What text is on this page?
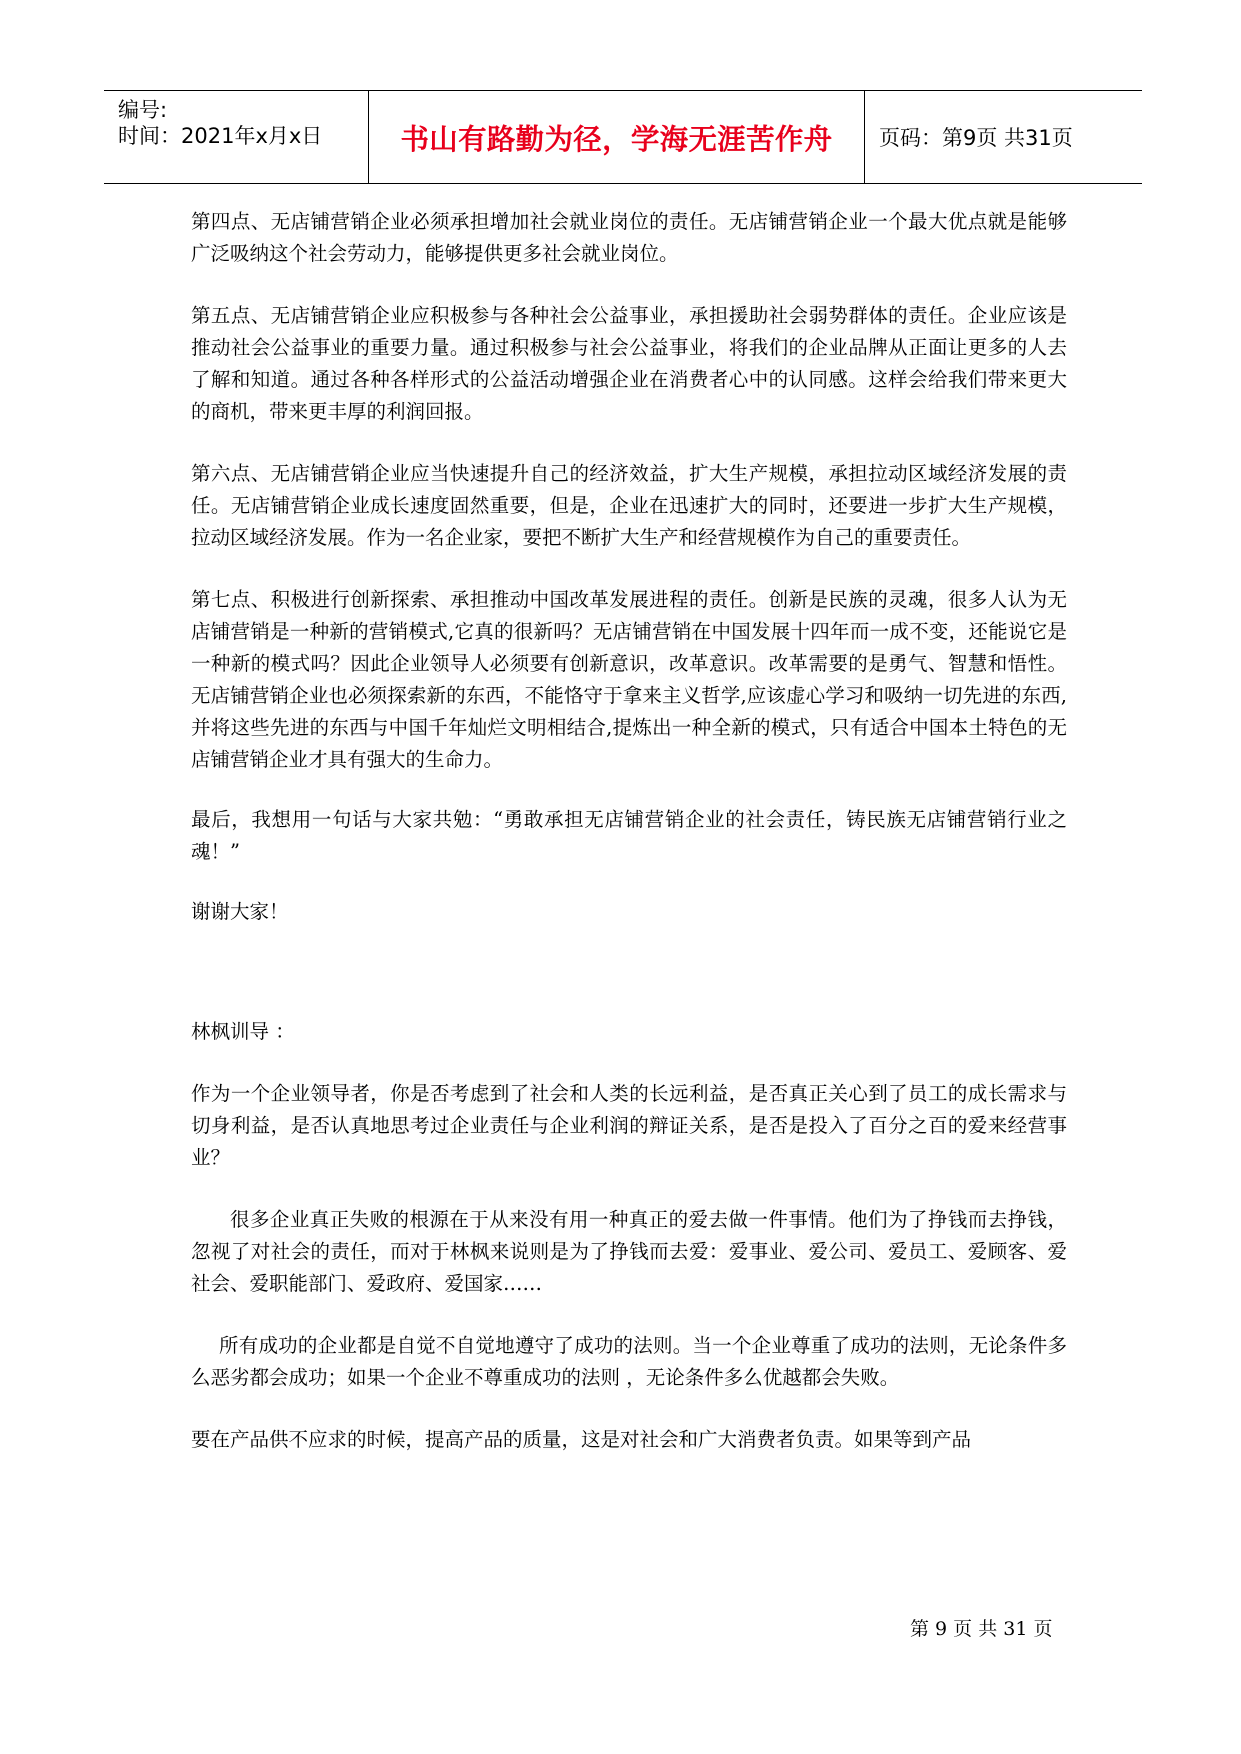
编号:
时间：2021年x月x日	书山有路勤为径，学海无涯苦作舟 页码：第9页 共31页

第四点、无店铺营销企业必须承担增加社会就业岗位的责任。无店铺营销企业一个最大优点就是能够广泛吸纳这个社会劳动力，能够提供更多社会就业岗位。

第五点、无店铺营销企业应积极参与各种社会公益事业，承担援助社会弱势群体的责任。企业应该是推动社会公益事业的重要力量。通过积极参与社会公益事业，将我们的企业品牌从正面让更多的人去了解和知道。通过各种各样形式的公益活动增强企业在消费者心中的认同感。这样会给我们带来更大的商机，带来更丰厚的利润回报。

第六点、无店铺营销企业应当快速提升自己的经济效益，扩大生产规模，承担拉动区域经济发展的责任。无店铺营销企业成长速度固然重要，但是，企业在迅速扩大的同时，还要进一步扩大生产规模，拉动区域经济发展。作为一名企业家，要把不断扩大生产和经营规模作为自己的重要责任。

第七点、积极进行创新探索、承担推动中国改革发展进程的责任。创新是民族的灵魂，很多人认为无店铺营销是一种新的营销模式,它真的很新吗？无店铺营销在中国发展十四年而一成不变，还能说它是一种新的模式吗？因此企业领导人必须要有创新意识，改革意识。改革需要的是勇气、智慧和悟性。无店铺营销企业也必须探索新的东西，不能恪守于拿来主义哲学,应该虚心学习和吸纳一切先进的东西,并将这些先进的东西与中国千年灿烂文明相结合,提炼出一种全新的模式，只有适合中国本土特色的无店铺营销企业才具有强大的生命力。

最后，我想用一句话与大家共勉：“勇敢承担无店铺营销企业的社会责任，铸民族无店铺营销行业之魂！”

谢谢大家！

林枫训导 ：

作为一个企业领导者，你是否考虑到了社会和人类的长远利益，是否真正关心到了员工的成长需求与切身利益，是否认真地思考过企业责任与企业利润的辩证关系，是否是投入了百分之百的爱来经营事业？

很多企业真正失败的根源在于从来没有用一种真正的爱去做一件事情。他们为了挣钱而去挣钱，忽视了对社会的责任，而对于林枫来说则是为了挣钱而去爱：爱事业、爱公司、爱员工、爱顾客、爱社会、爱职能部门、爱政府、爱国家……

所有成功的企业都是自觉不自觉地遵守了成功的法则。当一个企业尊重了成功的法则，无论条件多么恶劣都会成功；如果一个企业不尊重成功的法则 ，无论条件多么优越都会失败。

要在产品供不应求的时候，提高产品的质量，这是对社会和广大消费者负责。如果等到产品

第 9 页 共 31 页
